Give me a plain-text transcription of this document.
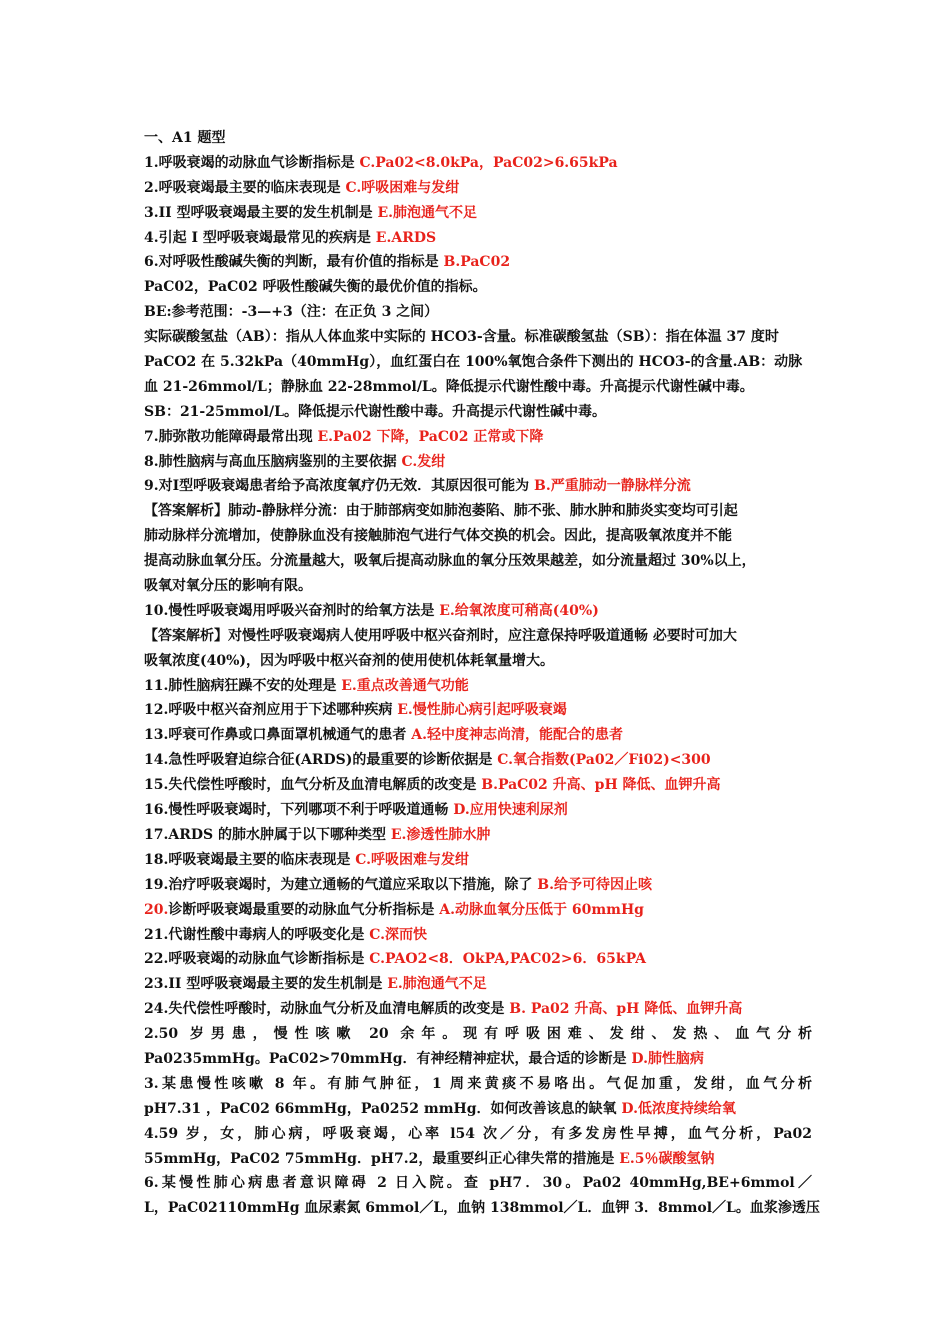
一、A1 题型
1.呼吸衰竭的动脉血气诊断指标是 C.Pa02<8.0kPa，PaC02>6.65kPa
2.呼吸衰竭最主要的临床表现是 C.呼吸困难与发绀
3.II 型呼吸衰竭最主要的发生机制是 E.肺泡通气不足
4.引起 I 型呼吸衰竭最常见的疾病是 E.ARDS
6.对呼吸性酸碱失衡的判断，最有价值的指标是 B.PaC02
PaC02，PaC02 呼吸性酸碱失衡的最优价值的指标。
BE:参考范围：-3—+3（注：在正负 3 之间）
实际碳酸氢盐（AB）：指从人体血浆中实际的 HCO3-含量。标准碳酸氢盐（SB）：指在体温 37 度时
PaCO2 在 5.32kPa（40mmHg），血红蛋白在 100%氧饱合条件下测出的 HCO3-的含量.AB：动脉
血 21-26mmol/L；静脉血 22-28mmol/L。降低提示代谢性酸中毒。升高提示代谢性碱中毒。
SB：21-25mmol/L。降低提示代谢性酸中毒。升高提示代谢性碱中毒。
7.肺弥散功能障碍最常出现 E.Pa02 下降，PaC02 正常或下降
8.肺性脑病与高血压脑病鉴别的主要依据 C.发绀
9.对Ⅰ型呼吸衰竭患者给予高浓度氧疗仍无效．其原因很可能为 B.严重肺动一静脉样分流
【答案解析】肺动-静脉样分流：由于肺部病变如肺泡萎陷、肺不张、肺水肿和肺炎实变均可引起
肺动脉样分流增加，使静脉血没有接触肺泡气进行气体交换的机会。因此，提高吸氧浓度并不能
提高动脉血氧分压。分流量越大，吸氧后提高动脉血的氧分压效果越差，如分流量超过 30%以上，
吸氧对氧分压的影响有限。
10.慢性呼吸衰竭用呼吸兴奋剂时的给氧方法是 E.给氧浓度可稍高(40%)
【答案解析】对慢性呼吸衰竭病人使用呼吸中枢兴奋剂时，应注意保持呼吸道通畅 必要时可加大
吸氧浓度(40%)，因为呼吸中枢兴奋剂的使用使机体耗氧量增大。
11.肺性脑病狂躁不安的处理是 E.重点改善通气功能
12.呼吸中枢兴奋剂应用于下述哪种疾病 E.慢性肺心病引起呼吸衰竭
13.呼衰可作鼻或口鼻面罩机械通气的患者 A.轻中度神志尚清，能配合的患者
14.急性呼吸窘迫综合征(ARDS)的最重要的诊断依据是 C.氧合指数(Pa02／Fi02)<300
15.失代偿性呼酸时，血气分析及血清电解质的改变是 B.PaC02 升高、pH 降低、血钾升高
16.慢性呼吸衰竭时，下列哪项不利于呼吸道通畅 D.应用快速利尿剂
17.ARDS 的肺水肿属于以下哪种类型 E.渗透性肺水肿
18.呼吸衰竭最主要的临床表现是 C.呼吸困难与发绀
19.治疗呼吸衰竭时，为建立通畅的气道应采取以下措施，除了 B.给予可待因止咳
20.诊断呼吸衰竭最重要的动脉血气分析指标是 A.动脉血氧分压低于 60mmHg
21.代谢性酸中毒病人的呼吸变化是 C.深而快
22.呼吸衰竭的动脉血气诊断指标是 C.PAO2<8．OkPA,PAC02>6．65kPA
23.II 型呼吸衰竭最主要的发生机制是 E.肺泡通气不足
24.失代偿性呼酸时，动脉血气分析及血清电解质的改变是 B. Pa02 升高、pH 降低、血钾升高
2.50 岁男患，慢性咳嗽 20 余年。现有呼吸困难、发绀、发热、血气分析
Pa0235mmHg。PaC02>70mmHg．有神经精神症状，最合适的诊断是 D.肺性脑病
3.某患慢性咳嗽 8 年。有肺气肿征，1 周来黄痰不易咯出。气促加重，发绀，血气分析
pH7.31 ，PaC02 66mmHg，Pa0252 mmHg．如何改善该息的缺氧 D.低浓度持续给氧
4.59 岁，女，肺心病，呼吸衰竭，心率 l54 次／分，有多发房性早搏，血气分析，Pa02
55mmHg，PaC02 75mmHg．pH7.2，最重要纠正心律失常的措施是 E.5％碳酸氢钠
6.某慢性肺心病患者意识障碍 2 日入院。查 pH7．30。Pa02 40mmHg,BE+6mmol／
L，PaC02110mmHg 血尿素氮 6mmol／L，血钠 138mmol／L．血钾 3．8mmol／L。血浆渗透压
